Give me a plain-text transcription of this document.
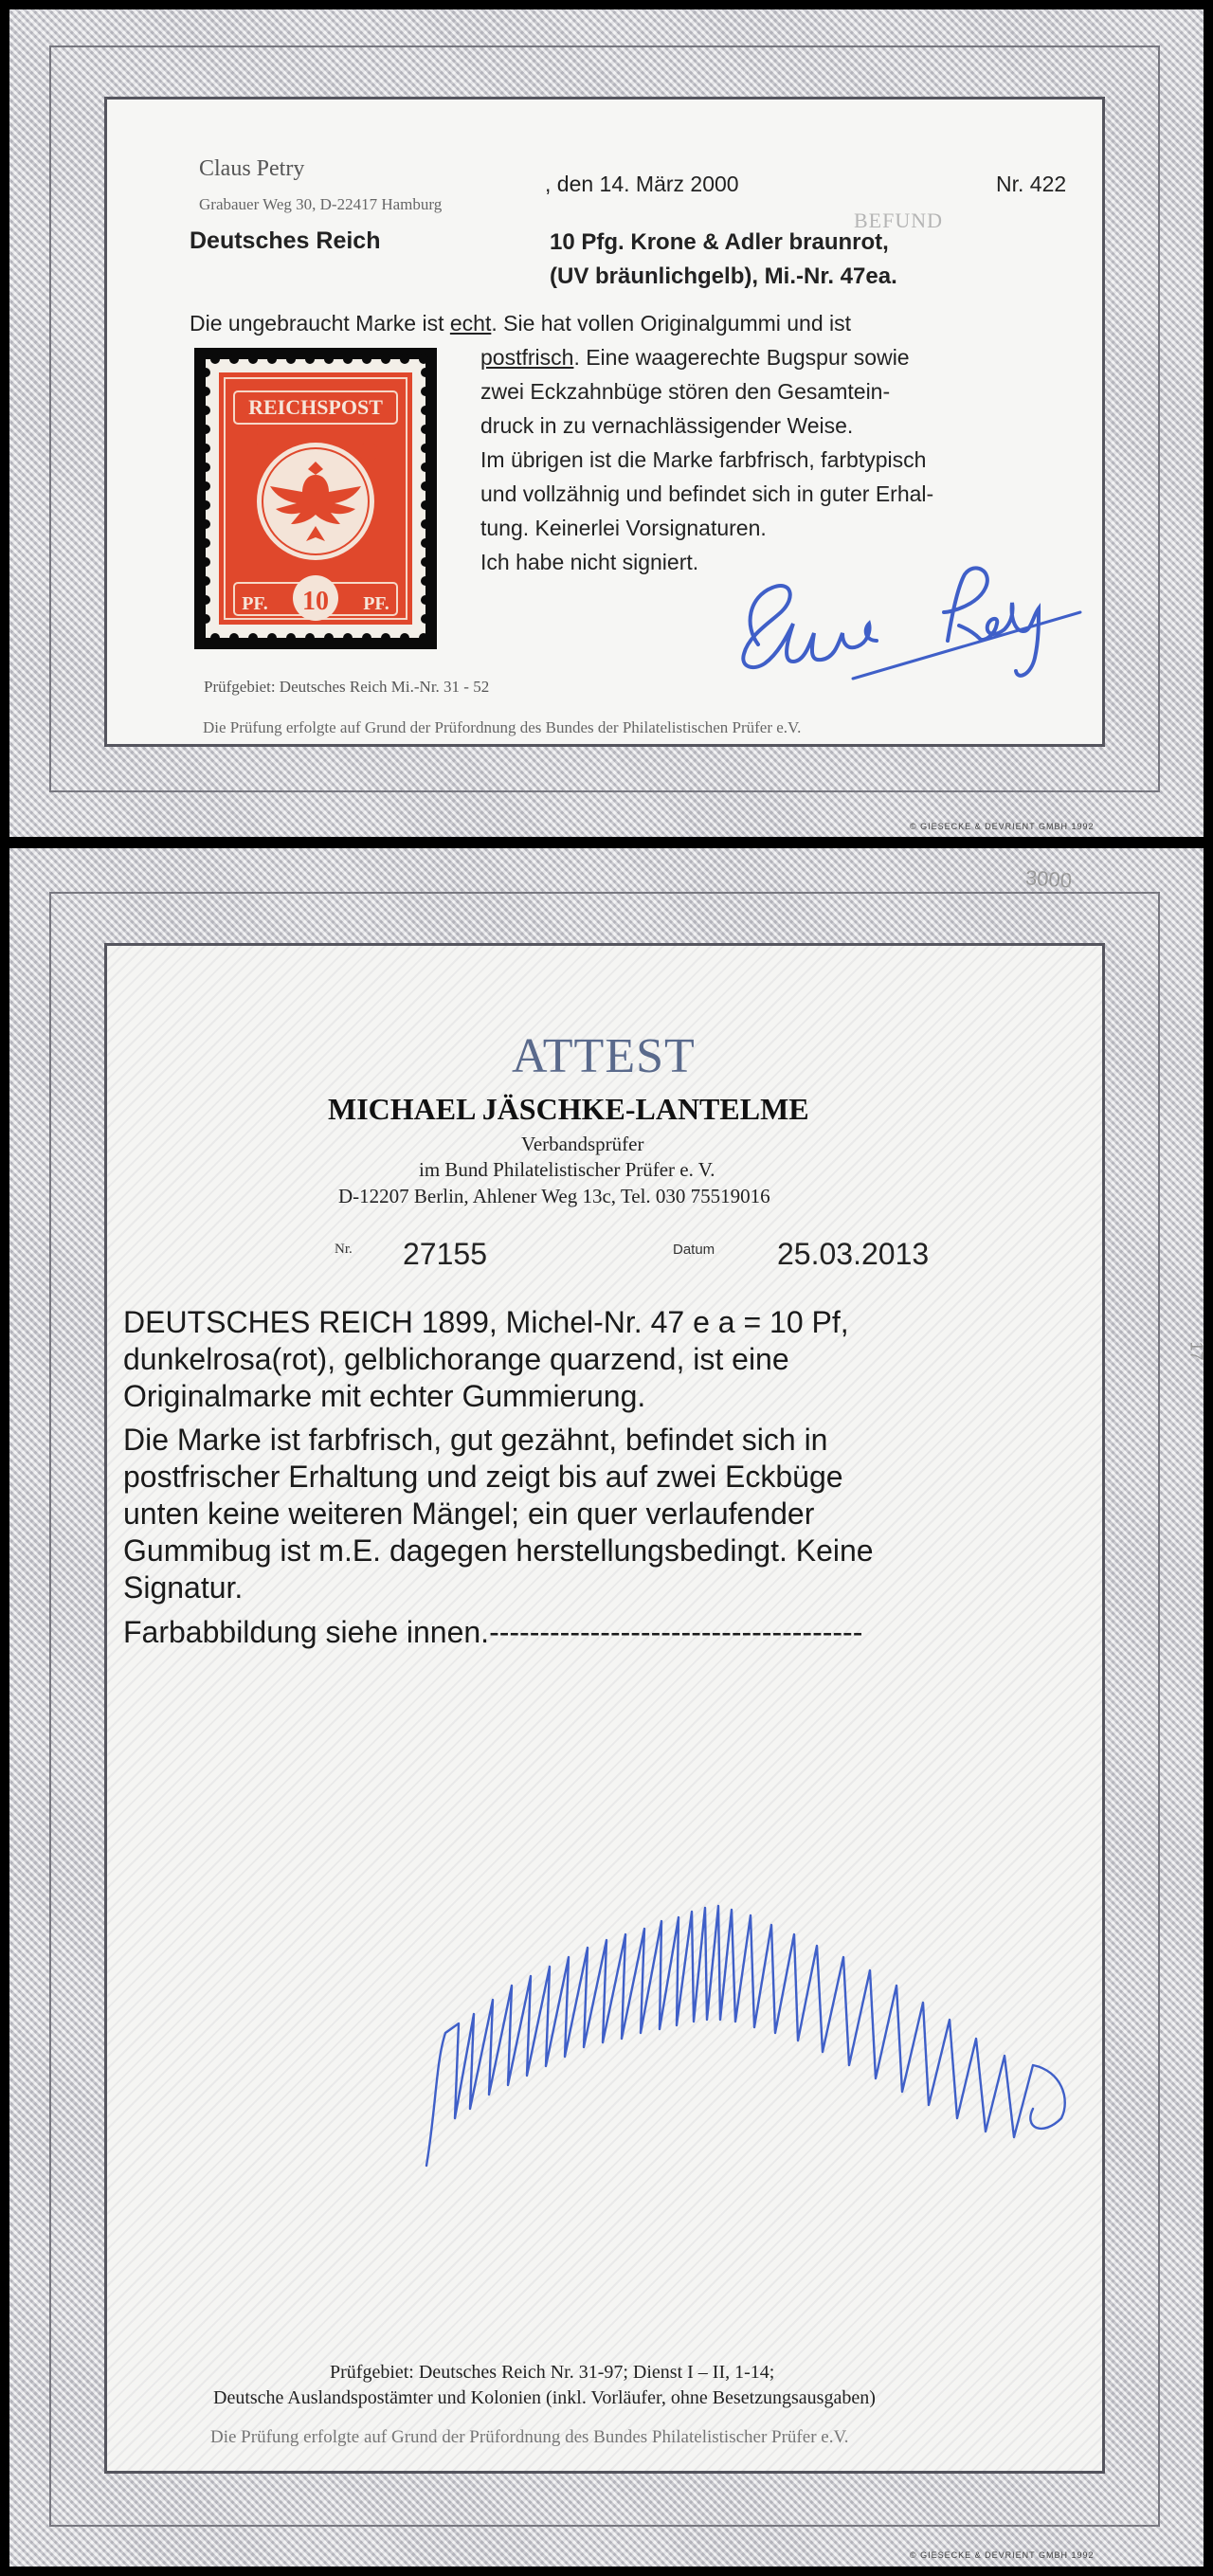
Claus Petry
Grabauer Weg 30, D-22417 Hamburg
, den 14. März 2000	Nr. 422
BEFUND
Deutsches Reich	10 Pfg. Krone & Adler braunrot,
(UV bräunlichgelb), Mi.-Nr. 47ea.
Die ungebraucht Marke ist echt. Sie hat vollen Originalgummi und ist
postfrisch. Eine waagerechte Bugspur sowie
zwei Eckzahnbüge stören den Gesamtein-
druck in zu vernachlässigender Weise.
Im übrigen ist die Marke farbfrisch, farbtypisch
und vollzähnig und befindet sich in guter Erhal-
tung. Keinerlei Vorsignaturen.
Ich habe nicht signiert.
REICHSPOST
PF. 10 PF.
Prüfgebiet: Deutsches Reich Mi.-Nr. 31 - 52
Die Prüfung erfolgte auf Grund der Prüfordnung des Bundes der Philatelistischen Prüfer e.V.
© GIESECKE & DEVRIENT GMBH 1992
3000
17
ATTEST
MICHAEL JÄSCHKE-LANTELME
Verbandsprüfer
im Bund Philatelistischer Prüfer e. V.
D-12207 Berlin, Ahlener Weg 13c, Tel. 030 75519016
Nr. 27155	Datum 25.03.2013
DEUTSCHES REICH 1899, Michel-Nr. 47 e a = 10 Pf,
dunkelrosa(rot), gelblichorange quarzend, ist eine
Originalmarke mit echter Gummierung.
Die Marke ist farbfrisch, gut gezähnt, befindet sich in
postfrischer Erhaltung und zeigt bis auf zwei Eckbüge
unten keine weiteren Mängel; ein quer verlaufender
Gummibug ist m.E. dagegen herstellungsbedingt. Keine
Signatur.
Farbabbildung siehe innen.-------------------------------------
Prüfgebiet: Deutsches Reich Nr. 31-97; Dienst I – II, 1-14;
Deutsche Auslandspostämter und Kolonien (inkl. Vorläufer, ohne Besetzungsausgaben)
Die Prüfung erfolgte auf Grund der Prüfordnung des Bundes Philatelistischer Prüfer e.V.
© GIESECKE & DEVRIENT GMBH 1992
